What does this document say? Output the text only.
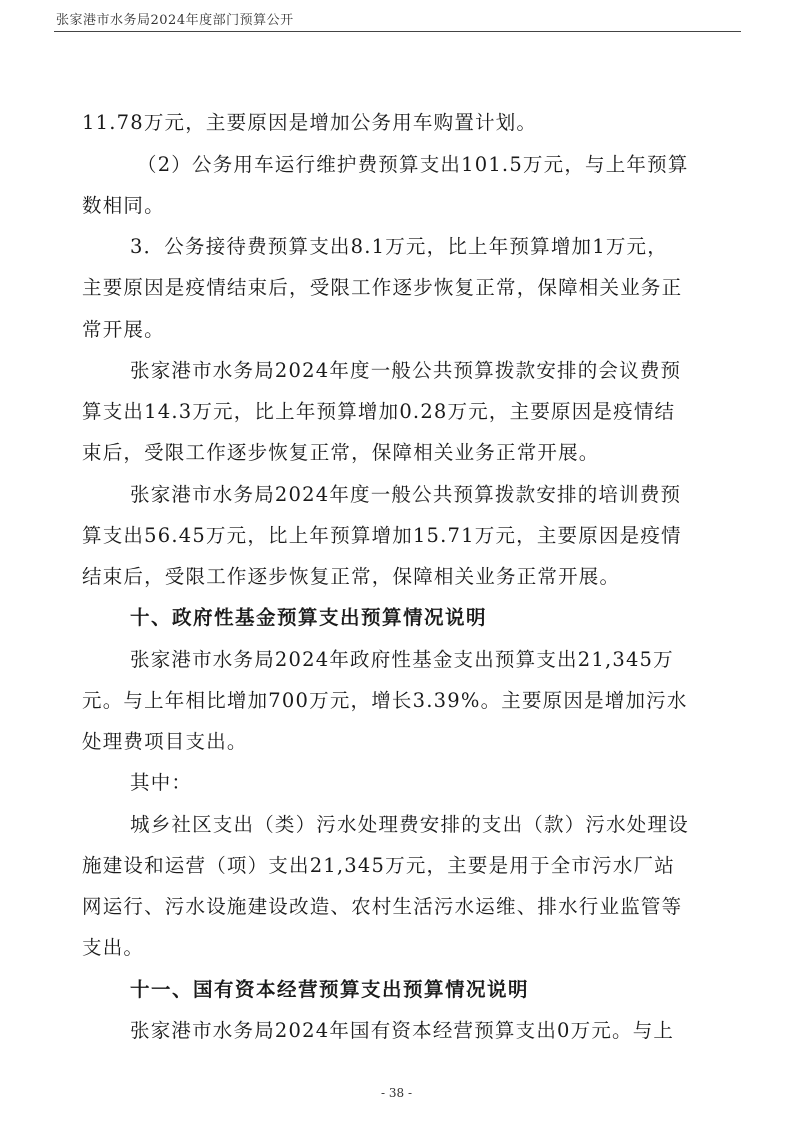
张家港市水务局2024年度部门预算公开
11.78万元，主要原因是增加公务用车购置计划。
（2）公务用车运行维护费预算支出101.5万元，与上年预算
数相同。
3．公务接待费预算支出8.1万元，比上年预算增加1万元，
主要原因是疫情结束后，受限工作逐步恢复正常，保障相关业务正
常开展。
张家港市水务局2024年度一般公共预算拨款安排的会议费预
算支出14.3万元，比上年预算增加0.28万元，主要原因是疫情结
束后，受限工作逐步恢复正常，保障相关业务正常开展。
张家港市水务局2024年度一般公共预算拨款安排的培训费预
算支出56.45万元，比上年预算增加15.71万元，主要原因是疫情
结束后，受限工作逐步恢复正常，保障相关业务正常开展。
十、政府性基金预算支出预算情况说明
张家港市水务局2024年政府性基金支出预算支出21,345万
元。与上年相比增加700万元，增长3.39%。主要原因是增加污水
处理费项目支出。
其中：
城乡社区支出（类）污水处理费安排的支出（款）污水处理设
施建设和运营（项）支出21,345万元，主要是用于全市污水厂站
网运行、污水设施建设改造、农村生活污水运维、排水行业监管等
支出。
十一、国有资本经营预算支出预算情况说明
张家港市水务局2024年国有资本经营预算支出0万元。与上
- 38 -
